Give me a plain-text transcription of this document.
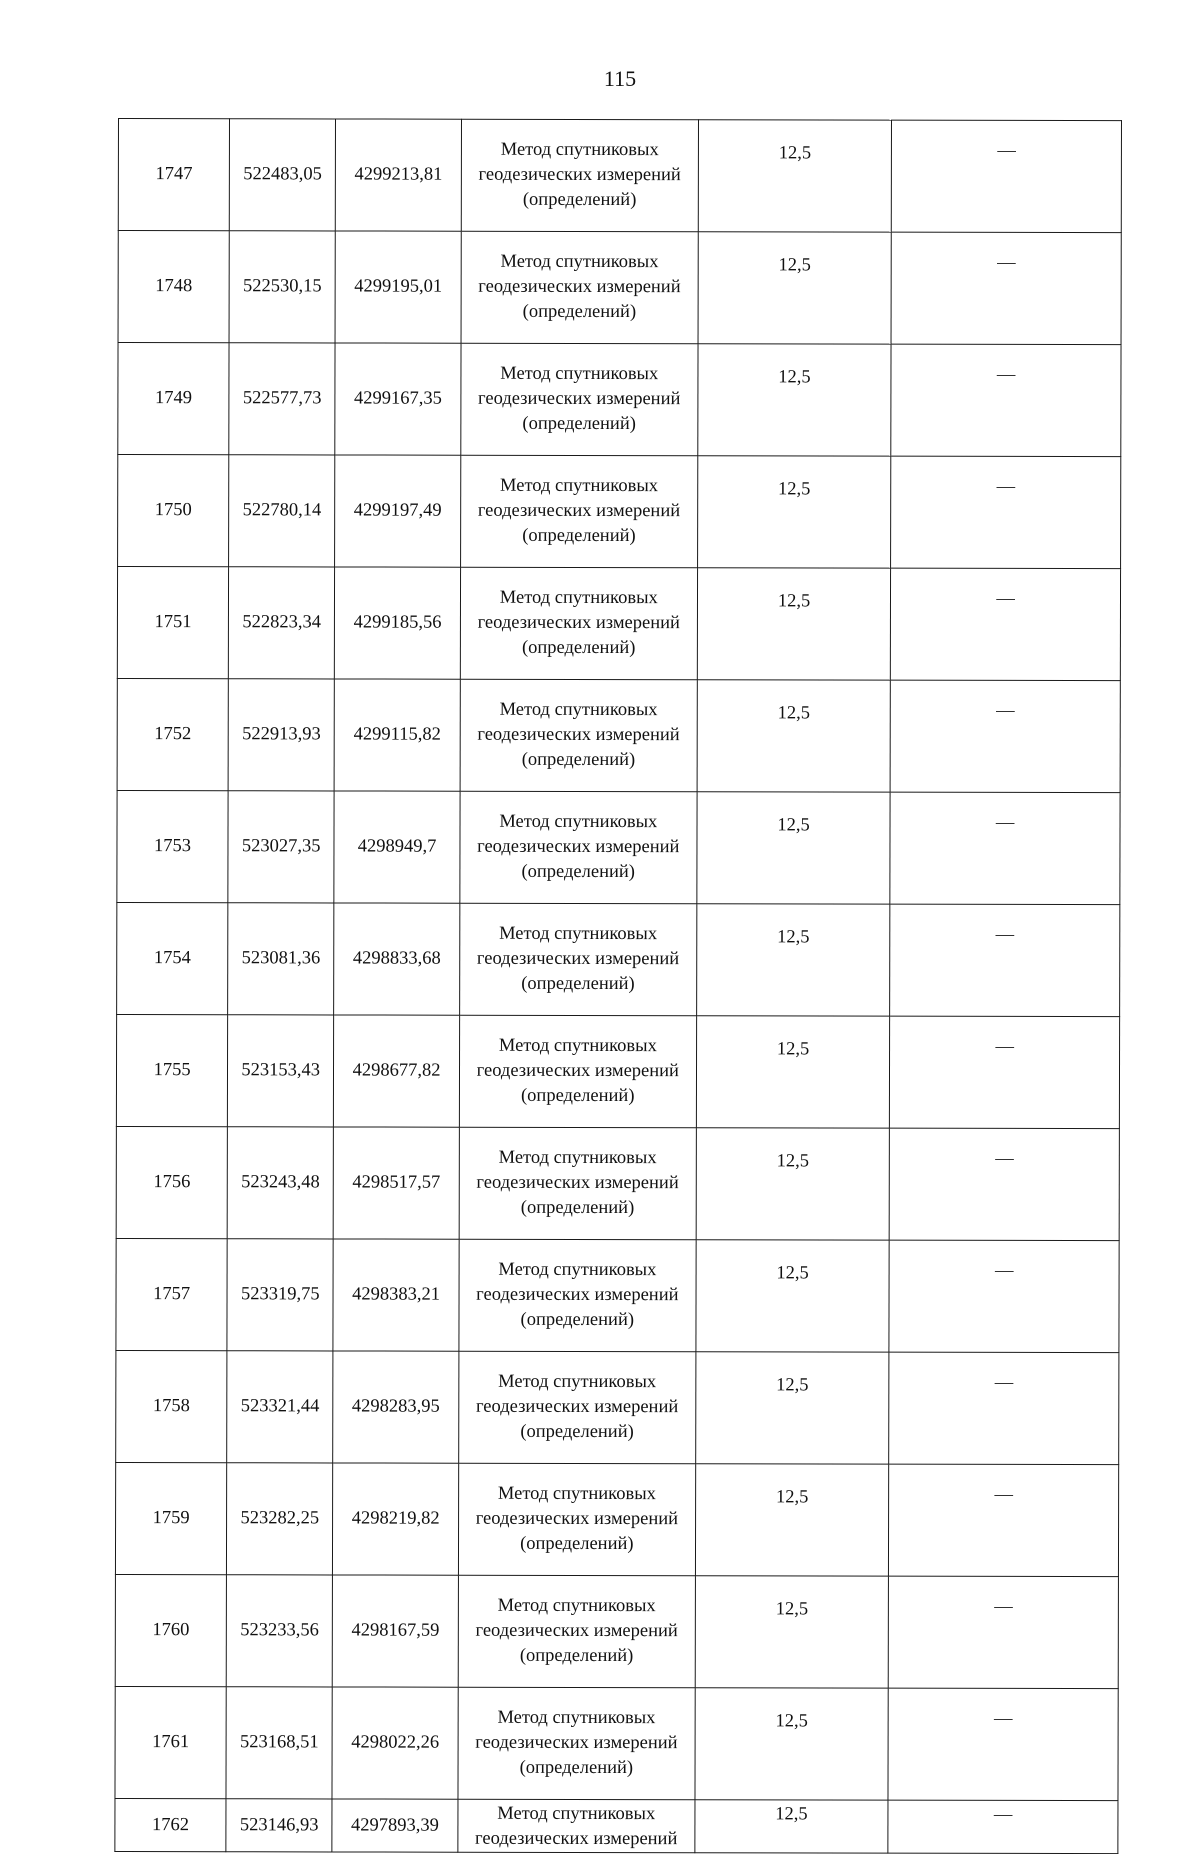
115
1747	522483,05	4299213,81	Метод спутниковых
геодезических измерений
(определений)	12,5	—
1748	522530,15	4299195,01	Метод спутниковых
геодезических измерений
(определений)	12,5	—
1749	522577,73	4299167,35	Метод спутниковых
геодезических измерений
(определений)	12,5	—
1750	522780,14	4299197,49	Метод спутниковых
геодезических измерений
(определений)	12,5	—
1751	522823,34	4299185,56	Метод спутниковых
геодезических измерений
(определений)	12,5	—
1752	522913,93	4299115,82	Метод спутниковых
геодезических измерений
(определений)	12,5	—
1753	523027,35	4298949,7	Метод спутниковых
геодезических измерений
(определений)	12,5	—
1754	523081,36	4298833,68	Метод спутниковых
геодезических измерений
(определений)	12,5	—
1755	523153,43	4298677,82	Метод спутниковых
геодезических измерений
(определений)	12,5	—
1756	523243,48	4298517,57	Метод спутниковых
геодезических измерений
(определений)	12,5	—
1757	523319,75	4298383,21	Метод спутниковых
геодезических измерений
(определений)	12,5	—
1758	523321,44	4298283,95	Метод спутниковых
геодезических измерений
(определений)	12,5	—
1759	523282,25	4298219,82	Метод спутниковых
геодезических измерений
(определений)	12,5	—
1760	523233,56	4298167,59	Метод спутниковых
геодезических измерений
(определений)	12,5	—
1761	523168,51	4298022,26	Метод спутниковых
геодезических измерений
(определений)	12,5	—
1762	523146,93	4297893,39	Метод спутниковых
геодезических измерений	12,5	—
